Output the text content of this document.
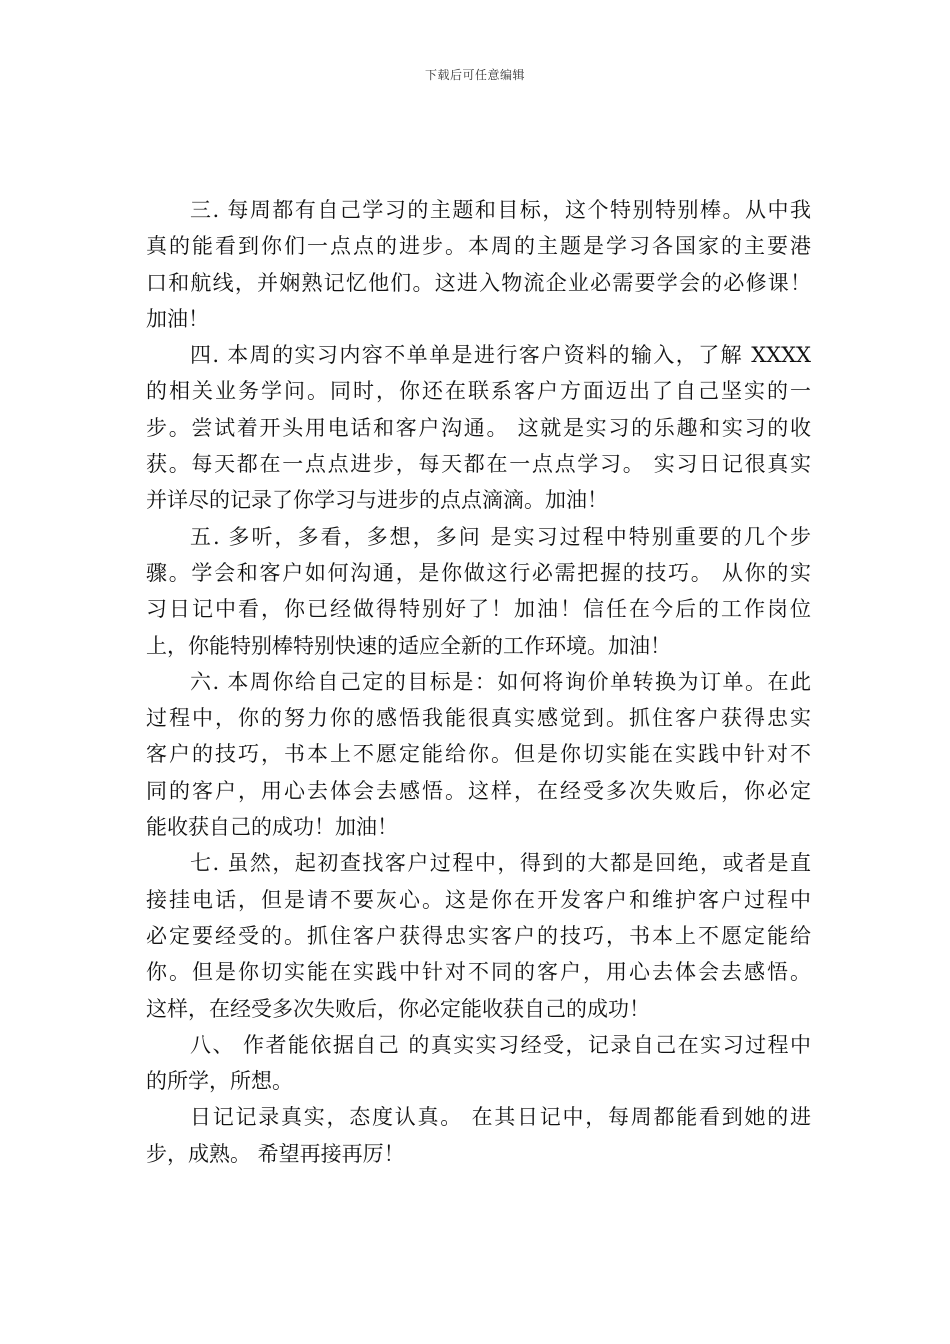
下载后可任意编辑
三. 每周都有自己学习的主题和目标，这个特别特别棒。从中我
真的能看到你们一点点的进步。本周的主题是学习各国家的主要港
口和航线，并娴熟记忆他们。这进入物流企业必需要学会的必修课！
加油！
四. 本周的实习内容不单单是进行客户资料的输入，了解 XXXX
的相关业务学问。同时，你还在联系客户方面迈出了自己坚实的一
步。尝试着开头用电话和客户沟通。 这就是实习的乐趣和实习的收
获。每天都在一点点进步，每天都在一点点学习。 实习日记很真实
并详尽的记录了你学习与进步的点点滴滴。加油！
五. 多听，多看，多想，多问 是实习过程中特别重要的几个步
骤。学会和客户如何沟通，是你做这行必需把握的技巧。 从你的实
习日记中看，你已经做得特别好了！加油！信任在今后的工作岗位
上，你能特别棒特别快速的适应全新的工作环境。加油！
六. 本周你给自己定的目标是：如何将询价单转换为订单。在此
过程中，你的努力你的感悟我能很真实感觉到。抓住客户获得忠实
客户的技巧，书本上不愿定能给你。但是你切实能在实践中针对不
同的客户，用心去体会去感悟。这样，在经受多次失败后，你必定
能收获自己的成功！加油！
七. 虽然，起初查找客户过程中，得到的大都是回绝，或者是直
接挂电话，但是请不要灰心。这是你在开发客户和维护客户过程中
必定要经受的。抓住客户获得忠实客户的技巧，书本上不愿定能给
你。但是你切实能在实践中针对不同的客户，用心去体会去感悟。
这样，在经受多次失败后，你必定能收获自己的成功！
八、 作者能依据自己 的真实实习经受，记录自己在实习过程中
的所学，所想。
日记记录真实，态度认真。 在其日记中，每周都能看到她的进
步，成熟。 希望再接再厉！
